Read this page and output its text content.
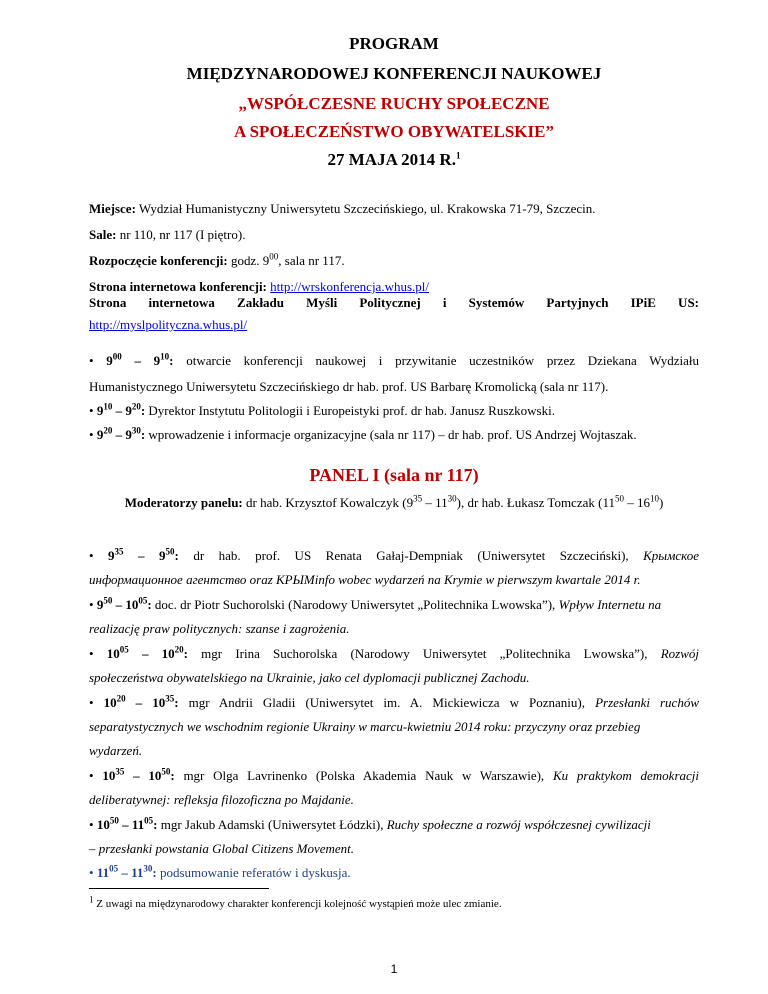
PROGRAM
MIĘDZYNARODOWEJ KONFERENCJI NAUKOWEJ
„WSPÓŁCZESNE RUCHY SPOŁECZNE
A SPOŁECZEŃSTWO OBYWATELSKIE”
27 MAJA 2014 R.$^1$
Miejsce: Wydział Humanistyczny Uniwersytetu Szczecińskiego, ul. Krakowska 71-79, Szczecin.
Sale: nr 110, nr 117 (I piętro).
Rozpoczęcie konferencji: godz. $9^{00}$, sala nr 117.
Strona internetowa konferencji: http://wrskonferencja.whus.pl/
Strona internetowa Zakładu Myśli Politycznej i Systemów Partyjnych IPiE US:
http://myslpolityczna.whus.pl/
• $9^{00} - 9^{10}$: otwarcie konferencji naukowej i przywitanie uczestników przez Dziekana Wydziału
Humanistycznego Uniwersytetu Szczecińskiego dr hab. prof. US Barbarę Kromolicką (sala nr 117).
• $9^{10} - 9^{20}$: Dyrektor Instytutu Politologii i Europeistyki prof. dr hab. Janusz Ruszkowski.
• $9^{20} - 9^{30}$: wprowadzenie i informacje organizacyjne (sala nr 117) – dr hab. prof. US Andrzej Wojtaszak.
PANEL I (sala nr 117)
Moderatorzy panelu: dr hab. Krzysztof Kowalczyk $(9^{35} - 11^{30})$, dr hab. Łukasz Tomczak $(11^{50} - 16^{10})$
• $9^{35} - 9^{50}$: dr hab. prof. US Renata Gałaj-Dempniak (Uniwersytet Szczeciński), Крымское
информационное агентство oraz КРЫMinfo wobec wydarzeń na Krymie w pierwszym kwartale 2014 r.
• $9^{50} - 10^{05}$: doc. dr Piotr Suchorolski (Narodowy Uniwersytet „Politechnika Lwowska”), Wpływ Internetu na
realizację praw politycznych: szanse i zagrożenia.
• $10^{05} - 10^{20}$: mgr Irina Suchorolska (Narodowy Uniwersytet „Politechnika Lwowska”), Rozwój
społeczeństwa obywatelskiego na Ukrainie, jako cel dyplomacji publicznej Zachodu.
• $10^{20} - 10^{35}$: mgr Andrii Gladii (Uniwersytet im. A. Mickiewicza w Poznaniu), Przesłanki ruchów
separatystycznych we wschodnim regionie Ukrainy w marcu-kwietniu 2014 roku: przyczyny oraz przebieg
wydarzeń.
• $10^{35} - 10^{50}$: mgr Olga Lavrinenko (Polska Akademia Nauk w Warszawie), Ku praktykom demokracji
deliberatywnej: refleksja filozoficzna po Majdanie.
• $10^{50} - 11^{05}$: mgr Jakub Adamski (Uniwersytet Łódzki), Ruchy społeczne a rozwój współczesnej cywilizacji
– przesłanki powstania Global Citizens Movement.
• $11^{05} - 11^{30}$: podsumowanie referatów i dyskusja.
$^1$ Z uwagi na międzynarodowy charakter konferencji kolejność wystąpień może ulec zmianie.
1
